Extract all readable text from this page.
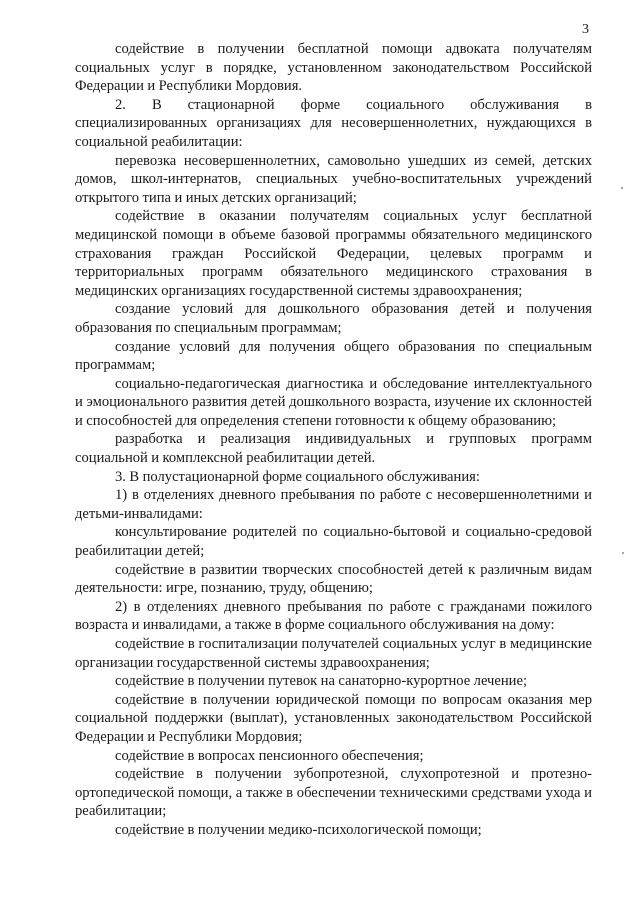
3

содействие в получении бесплатной помощи адвоката получателям социальных услуг в порядке, установленном законодательством Российской Федерации и Республики Мордовия.

2. В стационарной форме социального обслуживания в специализированных организациях для несовершеннолетних, нуждающихся в социальной реабилитации:

перевозка несовершеннолетних, самовольно ушедших из семей, детских домов, школ-интернатов, специальных учебно-воспитательных учреждений открытого типа и иных детских организаций;

содействие в оказании получателям социальных услуг бесплатной медицинской помощи в объеме базовой программы обязательного медицинского страхования граждан Российской Федерации, целевых программ и территориальных программ обязательного медицинского страхования в медицинских организациях государственной системы здравоохранения;

создание условий для дошкольного образования детей и получения образования по специальным программам;

создание условий для получения общего образования по специальным программам;

социально-педагогическая диагностика и обследование интеллектуального и эмоционального развития детей дошкольного возраста, изучение их склонностей и способностей для определения степени готовности к общему образованию;

разработка и реализация индивидуальных и групповых программ социальной и комплексной реабилитации детей.

3. В полустационарной форме социального обслуживания:

1) в отделениях дневного пребывания по работе с несовершеннолетними и детьми-инвалидами:

консультирование родителей по социально-бытовой и социально-средовой реабилитации детей;

содействие в развитии творческих способностей детей к различным видам деятельности: игре, познанию, труду, общению;

2) в отделениях дневного пребывания по работе с гражданами пожилого возраста и инвалидами, а также в форме социального обслуживания на дому:

содействие в госпитализации получателей социальных услуг в медицинские организации государственной системы здравоохранения;

содействие в получении путевок на санаторно-курортное лечение;

содействие в получении юридической помощи по вопросам оказания мер социальной поддержки (выплат), установленных законодательством Российской Федерации и Республики Мордовия;

содействие в вопросах пенсионного обеспечения;

содействие в получении зубопротезной, слухопротезной и протезно-ортопедической помощи, а также в обеспечении техническими средствами ухода и реабилитации;

содействие в получении медико-психологической помощи;
